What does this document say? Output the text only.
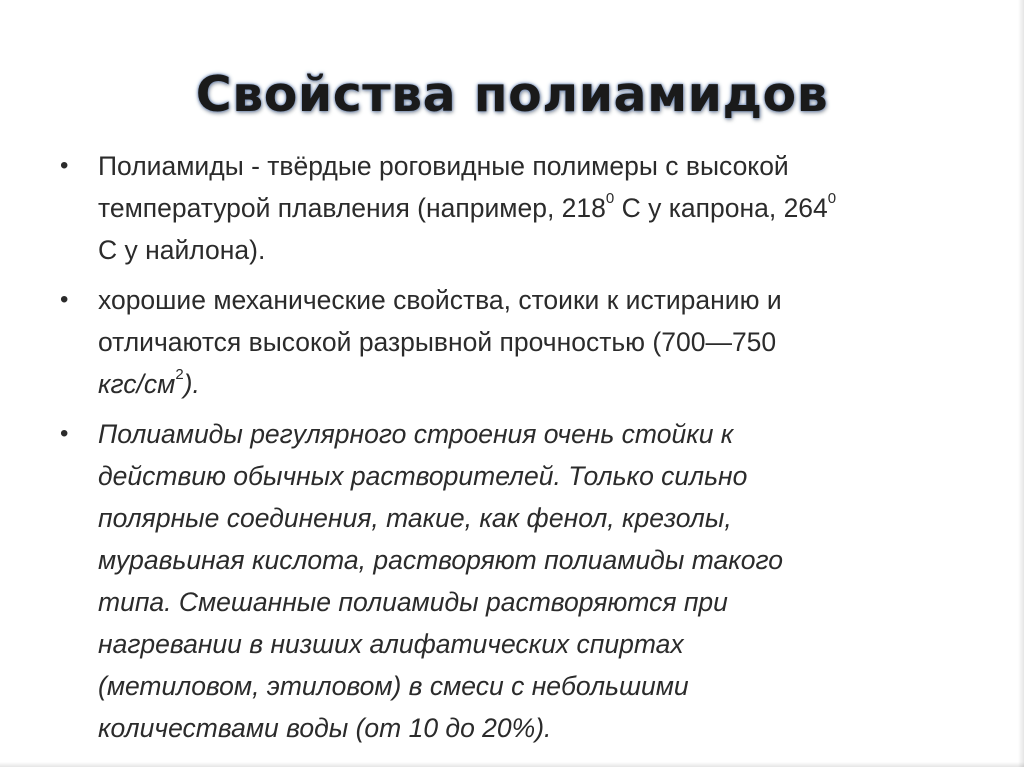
Свойства полиамидов
• Полиамиды - твёрдые роговидные полимеры с высокой
температурой плавления (например, $218^0$ С у капрона, $264^0$
С у найлона).
• хорошие механические свойства, стоики к истиранию и
отличаются высокой разрывной прочностью (700—750
кгс/$см^2$).
• Полиамиды регулярного строения очень стойки к
действию обычных растворителей. Только сильно
полярные соединения, такие, как фенол, крезолы,
муравьиная кислота, растворяют полиамиды такого
типа. Смешанные полиамиды растворяются при
нагревании в низших алифатических спиртах
(метиловом, этиловом) в смеси с небольшими
количествами воды (от 10 до 20%).
